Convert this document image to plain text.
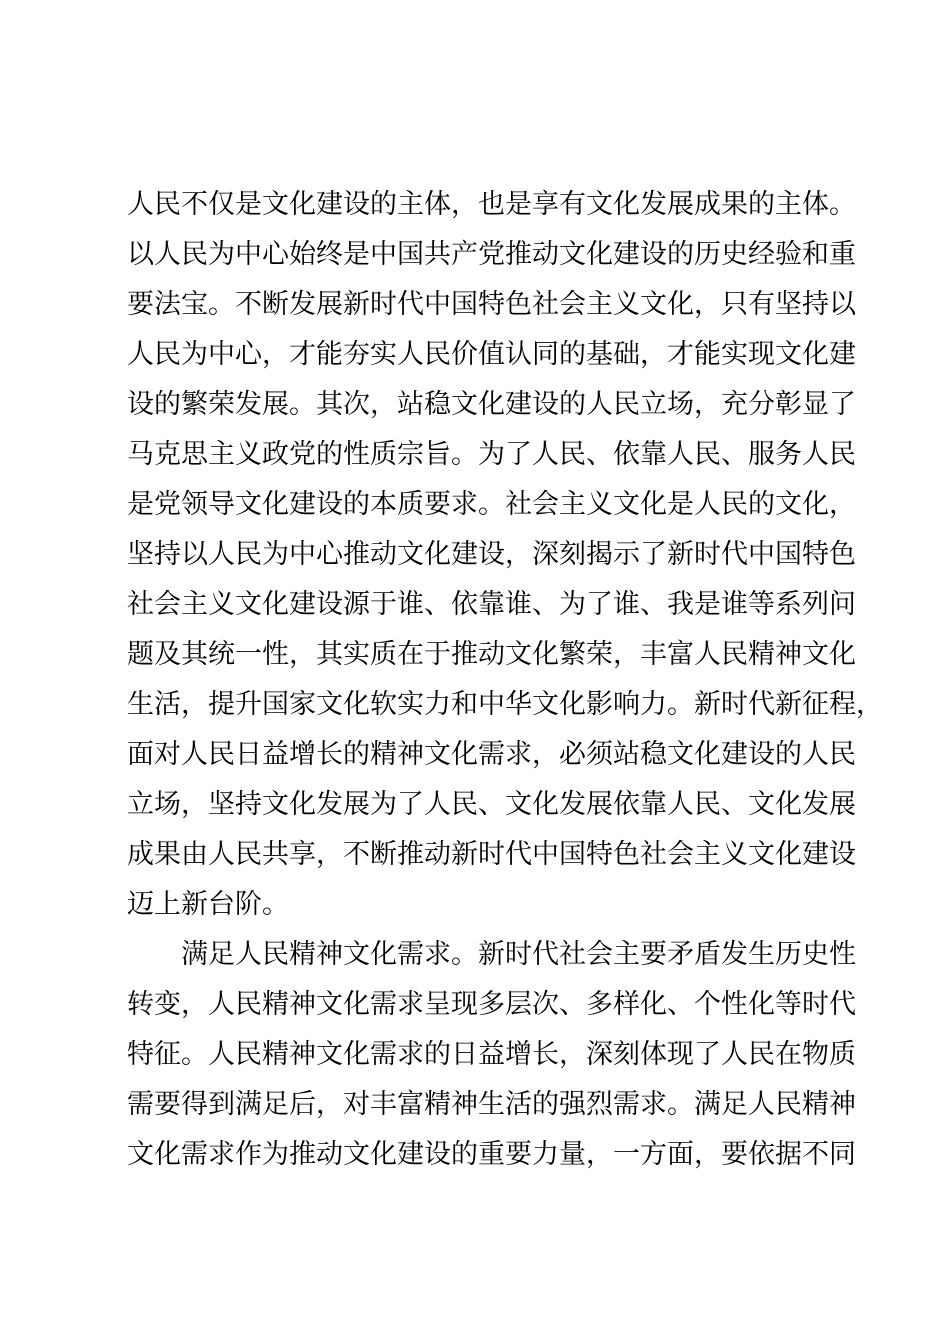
人民不仅是文化建设的主体，也是享有文化发展成果的主体。
以人民为中心始终是中国共产党推动文化建设的历史经验和重
要法宝。不断发展新时代中国特色社会主义文化，只有坚持以
人民为中心，才能夯实人民价值认同的基础，才能实现文化建
设的繁荣发展。其次，站稳文化建设的人民立场，充分彰显了
马克思主义政党的性质宗旨。为了人民、依靠人民、服务人民
是党领导文化建设的本质要求。社会主义文化是人民的文化，
坚持以人民为中心推动文化建设，深刻揭示了新时代中国特色
社会主义文化建设源于谁、依靠谁、为了谁、我是谁等系列问
题及其统一性，其实质在于推动文化繁荣，丰富人民精神文化
生活，提升国家文化软实力和中华文化影响力。新时代新征程，
面对人民日益增长的精神文化需求，必须站稳文化建设的人民
立场，坚持文化发展为了人民、文化发展依靠人民、文化发展
成果由人民共享，不断推动新时代中国特色社会主义文化建设
迈上新台阶。
满足人民精神文化需求。新时代社会主要矛盾发生历史性
转变，人民精神文化需求呈现多层次、多样化、个性化等时代
特征。人民精神文化需求的日益增长，深刻体现了人民在物质
需要得到满足后，对丰富精神生活的强烈需求。满足人民精神
文化需求作为推动文化建设的重要力量，一方面，要依据不同
